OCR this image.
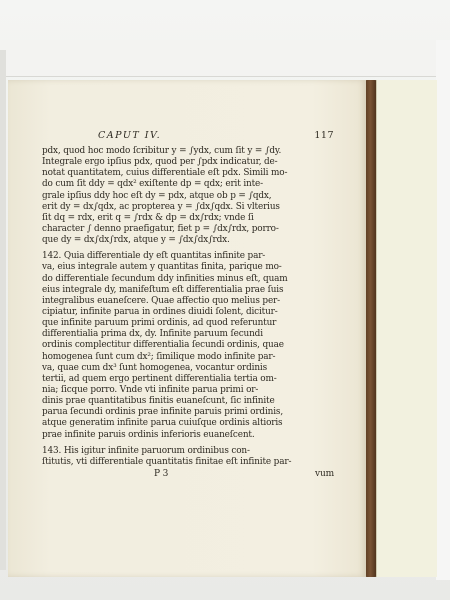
CAPUT IV.	117
pdx, quod hoc modo ſcribitur y = ∫ydx, cum ſit y = ∫dy.
Integrale ergo ipſius pdx, quod per ∫pdx indicatur, de-
notat quantitatem, cuius differentiale eſt pdx. Simili mo-
do cum ſit ddy = qdx² exiſtente dp = qdx; erit inte-
grale ipſius ddy hoc eſt dy = pdx, atque ob p = ∫qdx,
erit dy = dx∫qdx, ac propterea y = ∫dx∫qdx. Si vlterius
ſit dq = rdx, erit q = ∫rdx & dp = dx∫rdx; vnde ſi
character ∫ denno praefigatur, fiet p = ∫dx∫rdx, porro-
que dy = dx∫dx∫rdx, atque y = ∫dx∫dx∫rdx.
142. Quia differentiale dy eſt quantitas infinite par-
va, eius integrale autem y quantitas finita, parique mo-
do differentiale ſecundum ddy infinities minus eſt, quam
eius integrale dy, manifeſtum eſt differentialia prae ſuis
integralibus euaneſcere. Quae affectio quo melius per-
cipiatur, infinite parua in ordines diuidi ſolent, dicitur-
que infinite paruum primi ordinis, ad quod referuntur
differentialia prima dx, dy. Infinite paruum ſecundi
ordinis complectitur differentialia ſecundi ordinis, quae
homogenea ſunt cum dx²; ſimilique modo infinite par-
va, quae cum dx³ ſunt homogenea, vocantur ordinis
tertii, ad quem ergo pertinent differentialia tertia om-
nia; ſicque porro. Vnde vti infinite parua primi or-
dinis prae quantitatibus finitis euaneſcunt, ſic infinite
parua ſecundi ordinis prae infinite paruis primi ordinis,
atque generatim infinite parua cuiuſque ordinis altioris
prae infinite paruis ordinis inferioris euaneſcent.
143. His igitur infinite paruorum ordinibus con-
ſtitutis, vti differentiale quantitatis finitae eſt infinite par-
P 3	vum
